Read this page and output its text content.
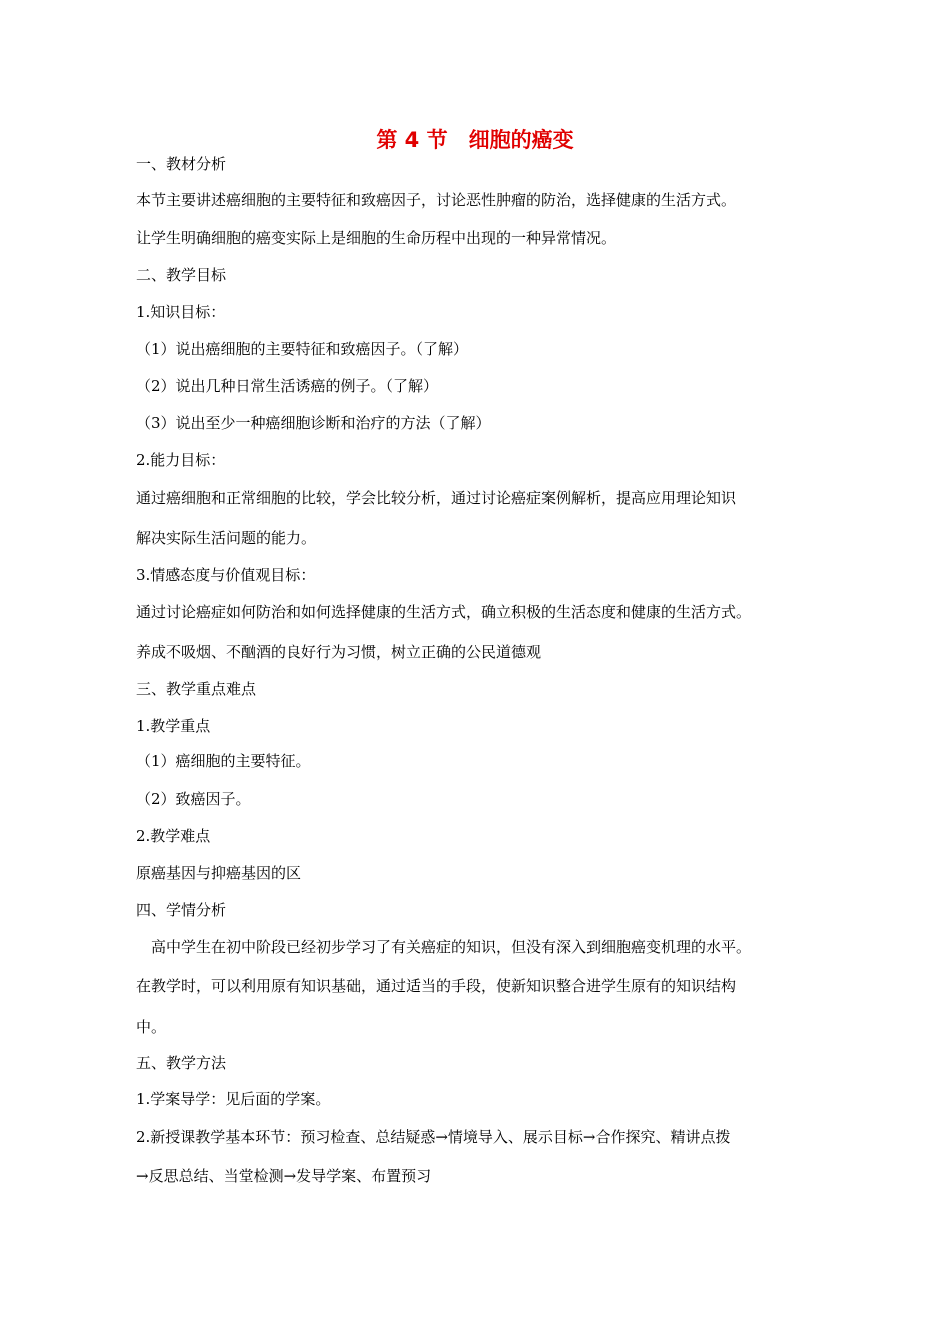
第 4 节　细胞的癌变
一、教材分析
本节主要讲述癌细胞的主要特征和致癌因子，讨论恶性肿瘤的防治，选择健康的生活方式。
让学生明确细胞的癌变实际上是细胞的生命历程中出现的一种异常情况。
二、教学目标
1.知识目标：
（1）说出癌细胞的主要特征和致癌因子。（了解）
（2）说出几种日常生活诱癌的例子。（了解）
（3）说出至少一种癌细胞诊断和治疗的方法（了解）
2.能力目标：
通过癌细胞和正常细胞的比较，学会比较分析，通过讨论癌症案例解析，提高应用理论知识
解决实际生活问题的能力。
3.情感态度与价值观目标：
通过讨论癌症如何防治和如何选择健康的生活方式，确立积极的生活态度和健康的生活方式。
养成不吸烟、不酗酒的良好行为习惯，树立正确的公民道德观
三、教学重点难点
1.教学重点
（1）癌细胞的主要特征。
（2）致癌因子。
2.教学难点
原癌基因与抑癌基因的区
四、学情分析
　高中学生在初中阶段已经初步学习了有关癌症的知识，但没有深入到细胞癌变机理的水平。
在教学时，可以利用原有知识基础，通过适当的手段，使新知识整合进学生原有的知识结构
中。
五、教学方法
1.学案导学：见后面的学案。
2.新授课教学基本环节：预习检查、总结疑惑→情境导入、展示目标→合作探究、精讲点拨
→反思总结、当堂检测→发导学案、布置预习
